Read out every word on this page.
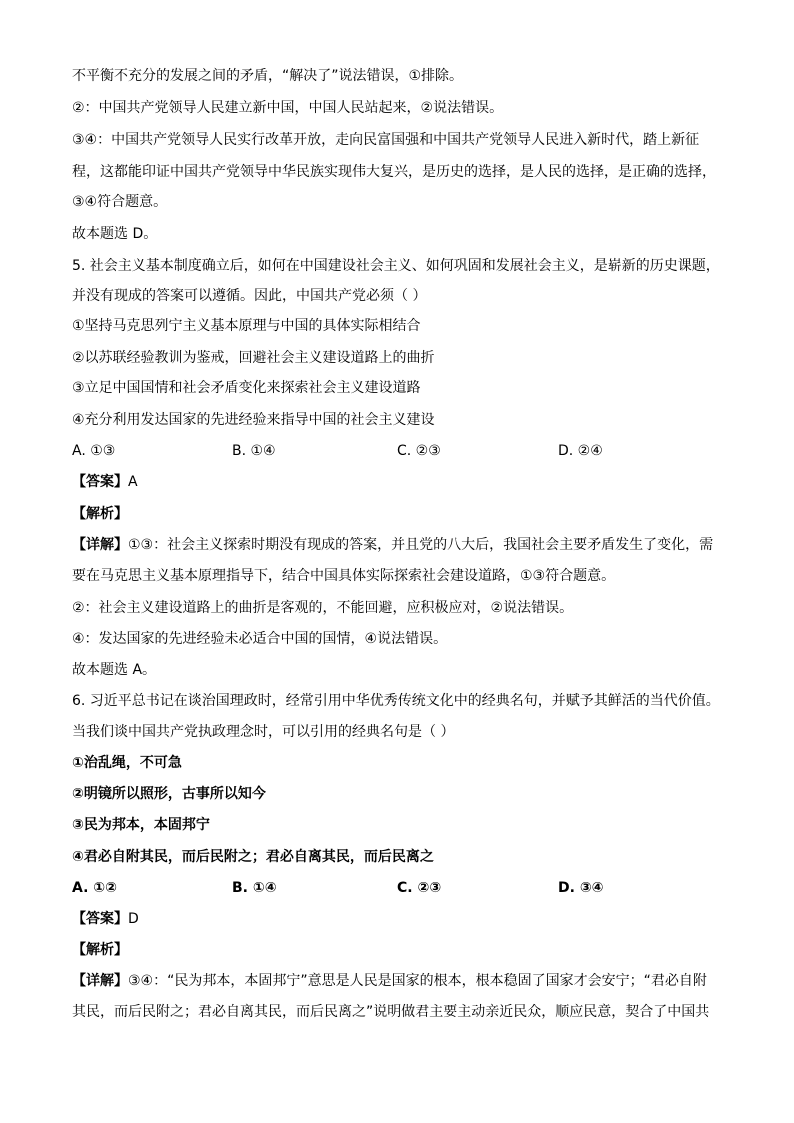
不平衡不充分的发展之间的矛盾，“解决了”说法错误，①排除。
②：中国共产党领导人民建立新中国，中国人民站起来，②说法错误。
③④：中国共产党领导人民实行改革开放，走向民富国强和中国共产党领导人民进入新时代，踏上新征
程，这都能印证中国共产党领导中华民族实现伟大复兴，是历史的选择，是人民的选择，是正确的选择，
③④符合题意。
故本题选 D。
5. 社会主义基本制度确立后，如何在中国建设社会主义、如何巩固和发展社会主义，是崭新的历史课题，
并没有现成的答案可以遵循。因此，中国共产党必须（ ）
①坚持马克思列宁主义基本原理与中国的具体实际相结合
②以苏联经验教训为鉴戒，回避社会主义建设道路上的曲折
③立足中国国情和社会矛盾变化来探索社会主义建设道路
④充分利用发达国家的先进经验来指导中国的社会主义建设
A. ①③	B. ①④	C. ②③	D. ②④
【答案】A
【解析】
【详解】①③：社会主义探索时期没有现成的答案，并且党的八大后，我国社会主要矛盾发生了变化，需
要在马克思主义基本原理指导下，结合中国具体实际探索社会建设道路，①③符合题意。
②：社会主义建设道路上的曲折是客观的，不能回避，应积极应对，②说法错误。
④：发达国家的先进经验未必适合中国的国情，④说法错误。
故本题选 A。
6. 习近平总书记在谈治国理政时，经常引用中华优秀传统文化中的经典名句，并赋予其鲜活的当代价值。
当我们谈中国共产党执政理念时，可以引用的经典名句是（ ）
①治乱绳，不可急
②明镜所以照形，古事所以知今
③民为邦本，本固邦宁
④君必自附其民，而后民附之；君必自离其民，而后民离之
A. ①②	B. ①④	C. ②③	D. ③④
【答案】D
【解析】
【详解】③④：“民为邦本，本固邦宁”意思是人民是国家的根本，根本稳固了国家才会安宁；“君必自附
其民，而后民附之；君必自离其民，而后民离之”说明做君主要主动亲近民众，顺应民意，契合了中国共
